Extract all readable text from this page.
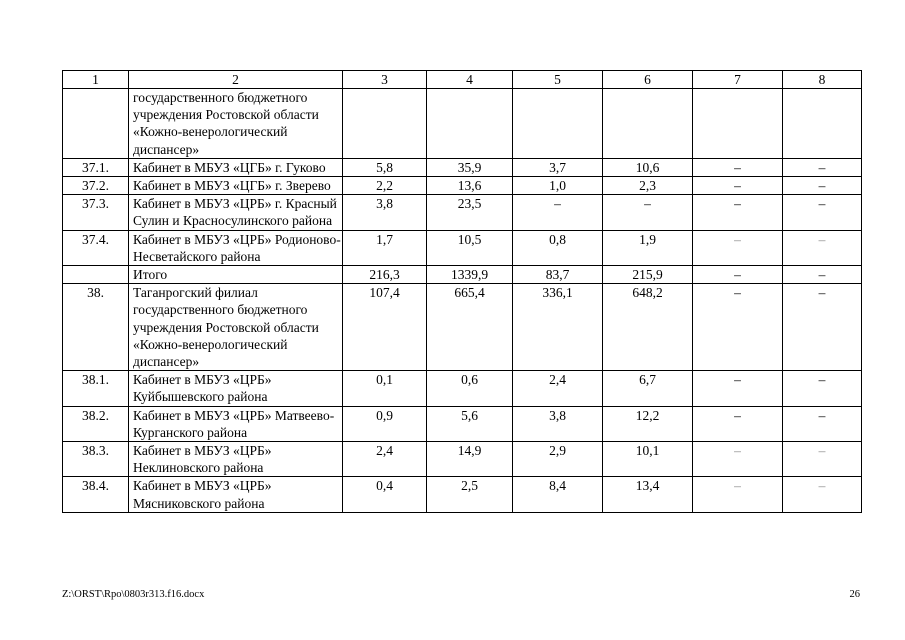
1	2	3	4	5	6	7	8
	государственного бюджетного учреждения Ростовской области «Кожно-венерологический диспансер»						
37.1.	Кабинет в МБУЗ «ЦГБ» г. Гуково	5,8	35,9	3,7	10,6	–	–
37.2.	Кабинет в МБУЗ «ЦГБ» г. Зверево	2,2	13,6	1,0	2,3	–	–
37.3.	Кабинет в МБУЗ «ЦРБ» г. Красный Сулин и Красносулинского района	3,8	23,5	–	–	–	–
37.4.	Кабинет в МБУЗ «ЦРБ» Родионово-Несветайского района	1,7	10,5	0,8	1,9	–	–
	Итого	216,3	1339,9	83,7	215,9	–	–
38.	Таганрогский филиал государственного бюджетного учреждения Ростовской области «Кожно-венерологический диспансер»	107,4	665,4	336,1	648,2	–	–
38.1.	Кабинет в МБУЗ «ЦРБ» Куйбышевского района	0,1	0,6	2,4	6,7	–	–
38.2.	Кабинет в МБУЗ «ЦРБ» Матвеево-Курганского района	0,9	5,6	3,8	12,2	–	–
38.3.	Кабинет в МБУЗ «ЦРБ» Неклиновского района	2,4	14,9	2,9	10,1	–	–
38.4.	Кабинет в МБУЗ «ЦРБ» Мясниковского района	0,4	2,5	8,4	13,4	–	–
Z:\ORST\Rpo\0803r313.f16.docx	26
